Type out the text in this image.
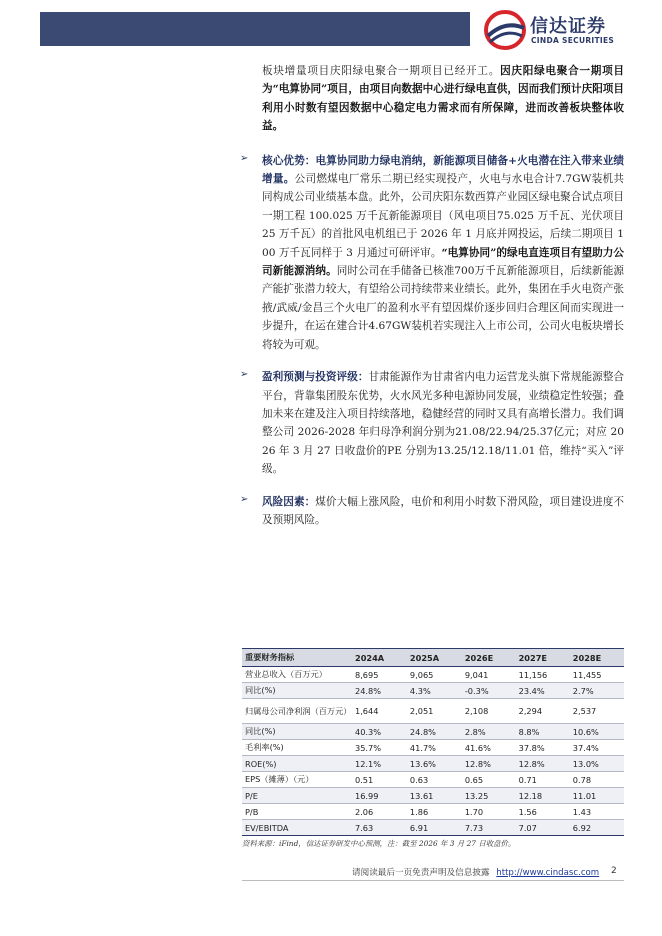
信达证券
CINDA SECURITIES

板块增量项目庆阳绿电聚合一期项目已经开工。因庆阳绿电聚合一期项目为“电算协同”项目，由项目向数据中心进行绿电直供，因而我们预计庆阳项目利用小时数有望因数据中心稳定电力需求而有所保障，进而改善板块整体收益。

➢ 核心优势：电算协同助力绿电消纳，新能源项目储备+火电潜在注入带来业绩增量。公司燃煤电厂常乐二期已经实现投产，火电与水电合计7.7GW装机共同构成公司业绩基本盘。此外，公司庆阳东数西算产业园区绿电聚合试点项目一期工程 100.025 万千瓦新能源项目（风电项目75.025 万千瓦、光伏项目 25 万千瓦）的首批风电机组已于 2026 年 1 月底并网投运，后续二期项目 100 万千瓦同样于 3 月通过可研评审。“电算协同”的绿电直连项目有望助力公司新能源消纳。同时公司在手储备已核准700万千瓦新能源项目，后续新能源产能扩张潜力较大，有望给公司持续带来业绩长。此外，集团在手火电资产张掖/武威/金昌三个火电厂的盈利水平有望因煤价逐步回归合理区间而实现进一步提升，在运在建合计4.67GW装机若实现注入上市公司，公司火电板块增长将较为可观。

➢ 盈利预测与投资评级：甘肃能源作为甘肃省内电力运营龙头旗下常规能源整合平台，背靠集团股东优势，火水风光多种电源协同发展，业绩稳定性较强；叠加未来在建及注入项目持续落地，稳健经营的同时又具有高增长潜力。我们调整公司 2026-2028 年归母净利润分别为21.08/22.94/25.37亿元；对应 2026 年 3 月 27 日收盘价的PE 分别为13.25/12.18/11.01 倍，维持“买入”评级。

➢ 风险因素：煤价大幅上涨风险，电价和利用小时数下滑风险，项目建设进度不及预期风险。

重要财务指标	2024A	2025A	2026E	2027E	2028E
营业总收入（百万元）	8,695	9,065	9,041	11,156	11,455
同比(%)	24.8%	4.3%	-0.3%	23.4%	2.7%
归属母公司净利润（百万元）	1,644	2,051	2,108	2,294	2,537
同比(%)	40.3%	24.8%	2.8%	8.8%	10.6%
毛利率(%)	35.7%	41.7%	41.6%	37.8%	37.4%
ROE(%)	12.1%	13.6%	12.8%	12.8%	13.0%
EPS（摊薄）（元）	0.51	0.63	0.65	0.71	0.78
P/E	16.99	13.61	13.25	12.18	11.01
P/B	2.06	1.86	1.70	1.56	1.43
EV/EBITDA	7.63	6.91	7.73	7.07	6.92
资料来源：iFind，信达证券研发中心预测，注：截至 2026 年 3 月 27 日收盘价。
请阅读最后一页免责声明及信息披露 http://www.cindasc.com 2
